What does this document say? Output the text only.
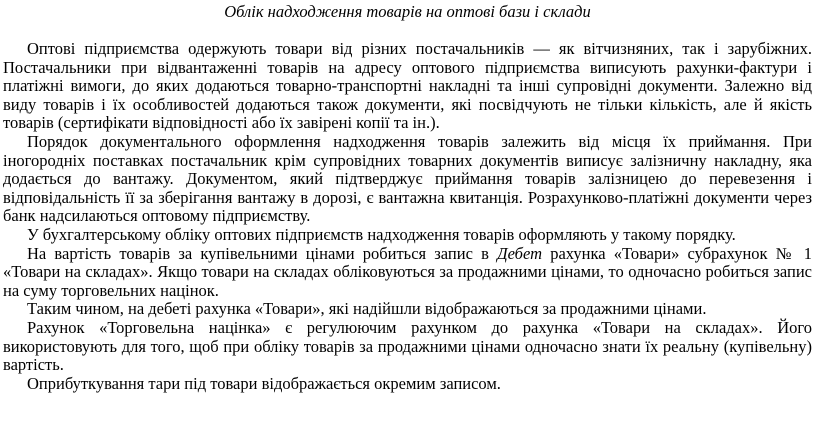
Облік надходження товарів на оптові бази і склади

Оптові підприємства одержують товари від різних постачальників — як вітчизняних, так і зарубіжних. Постачальники при відвантаженні товарів на адресу оптового підприємства виписують рахунки-фактури і платіжні вимоги, до яких додаються товарно-транспортні накладні та інші супровідні документи. Залежно від виду товарів і їх особливостей додаються також документи, які посвідчують не тільки кількість, але й якість товарів (сертифікати відповідності або їх завірені копії та ін.).

Порядок документального оформлення надходження товарів залежить від місця їх приймання. При іногородніх поставках постачальник крім супровідних товарних документів виписує залізничну накладну, яка додається до вантажу. Документом, який підтверджує приймання товарів залізницею до перевезення і відповідальність її за зберігання вантажу в дорозі, є вантажна квитанція. Розрахунково-платіжні документи через банк надсилаються оптовому підприємству.

У бухгалтерському обліку оптових підприємств надходження товарів оформляють у такому порядку.

На вартість товарів за купівельними цінами робиться запис в Дебет рахунка «Товари» субрахунок № 1 «Товари на складах». Якщо товари на складах обліковуються за продажними цінами, то одночасно робиться запис на суму торговельних націнок.

Таким чином, на дебеті рахунка «Товари», які надійшли відображаються за продажними цінами.

Рахунок «Торговельна націнка» є регулюючим рахунком до рахунка «Товари на складах». Його використовують для того, щоб при обліку товарів за продажними цінами одночасно знати їх реальну (купівельну) вартість.

Оприбуткування тари під товари відображається окремим записом.
